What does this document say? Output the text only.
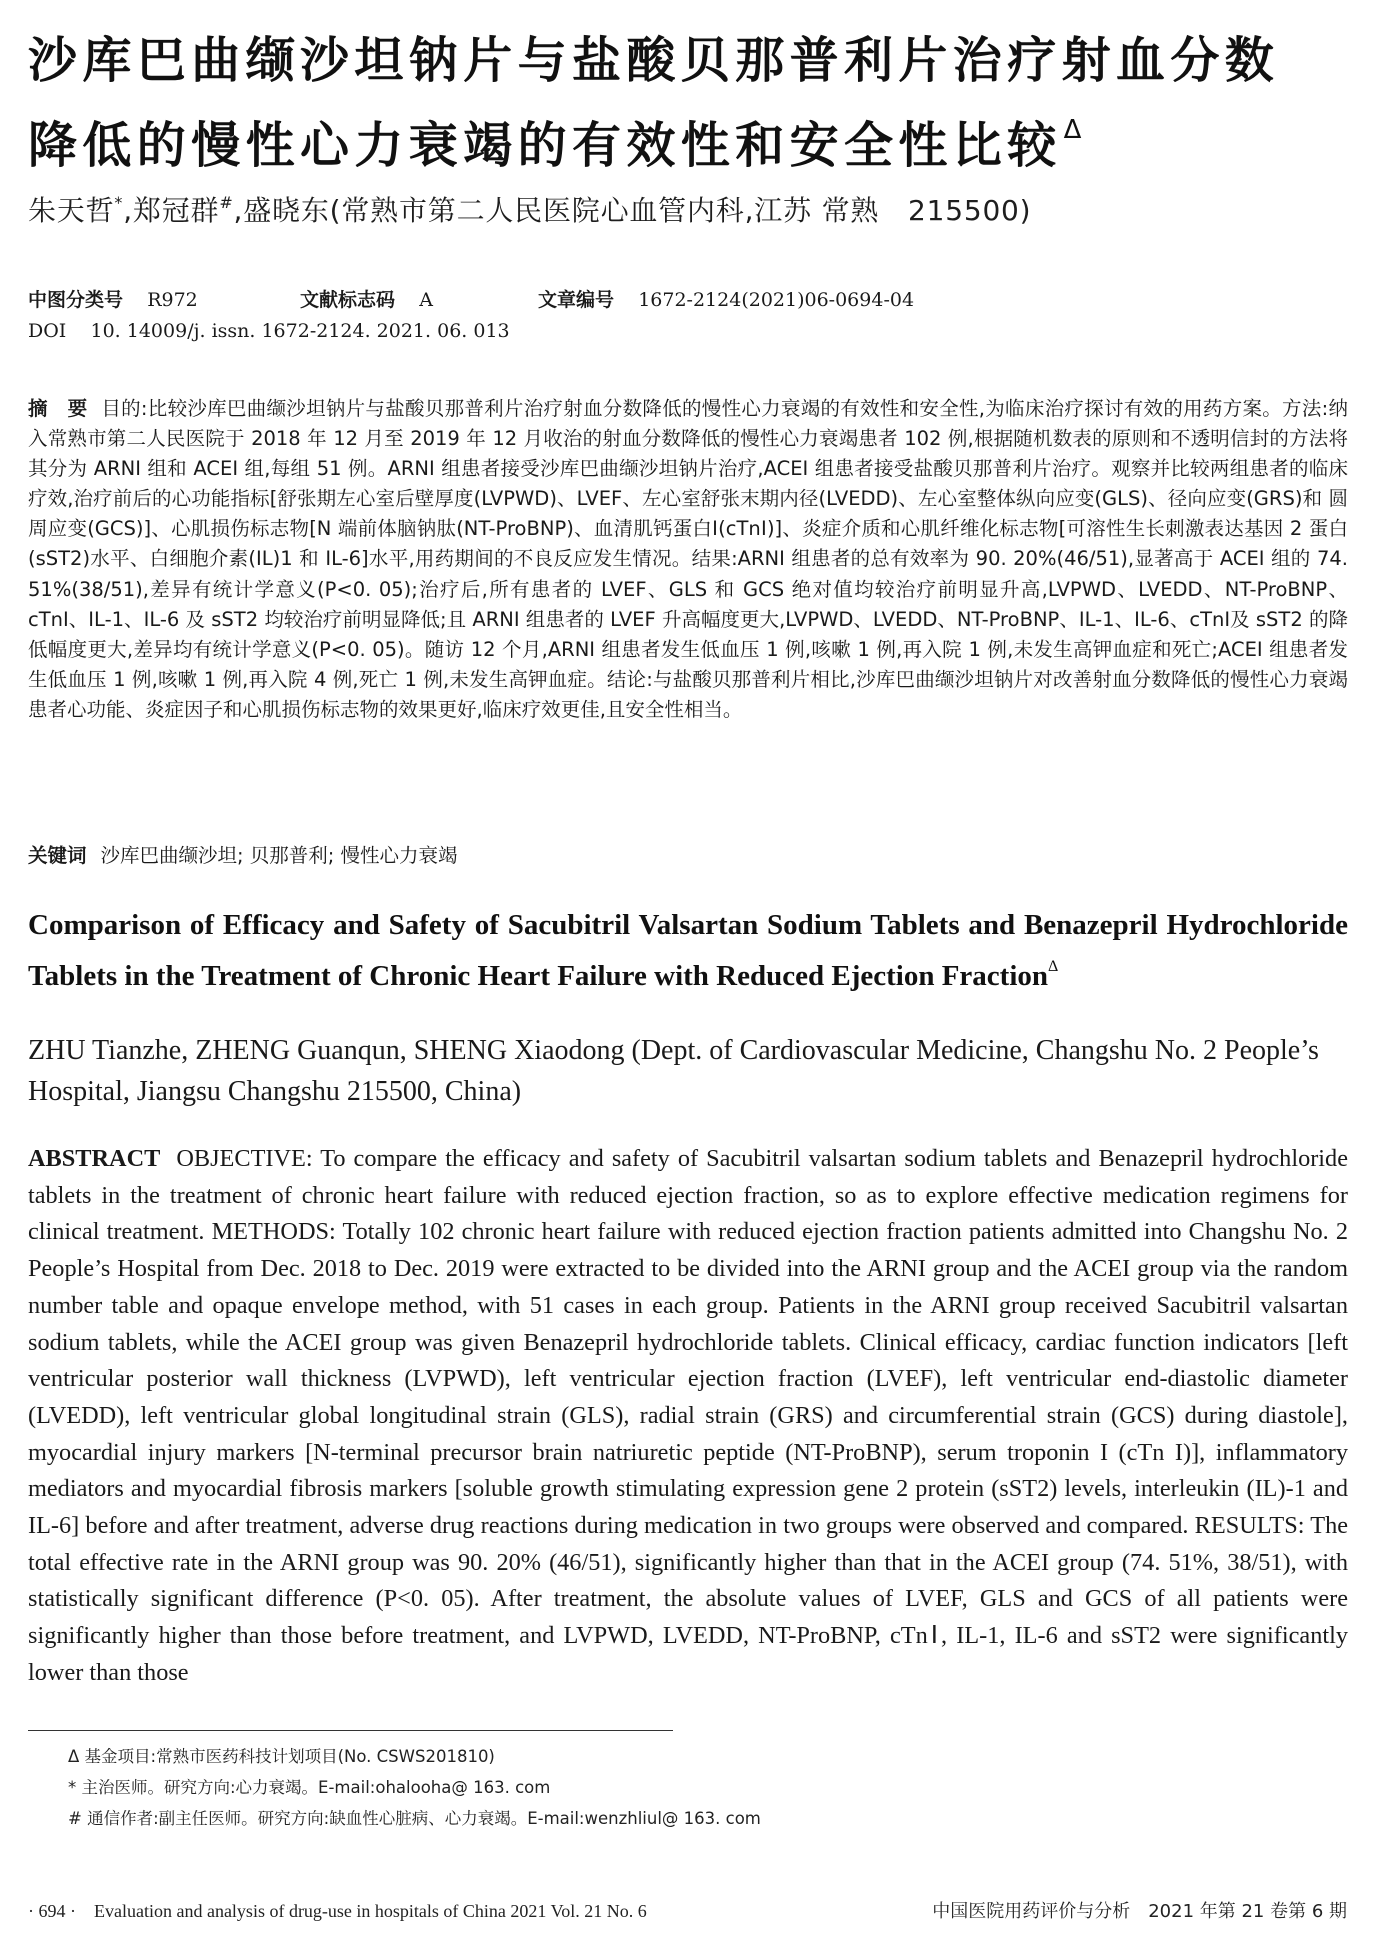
沙库巴曲缬沙坦钠片与盐酸贝那普利片治疗射血分数
降低的慢性心力衰竭的有效性和安全性比较$^\Delta$
朱天哲*,郑冠群#,盛晓东(常熟市第二人民医院心血管内科,江苏 常熟　215500)
中图分类号 R972	文献标志码 A	文章编号 1672-2124(2021)06-0694-04
DOI 10. 14009/j. issn. 1672-2124. 2021. 06. 013
摘　要 目的:比较沙库巴曲缬沙坦钠片与盐酸贝那普利片治疗射血分数降低的慢性心力衰竭的有效性和安全性,为临床治疗探讨有效的用药方案。方法:纳入常熟市第二人民医院于 2018 年 12 月至 2019 年 12 月收治的射血分数降低的慢性心力衰竭患者 102 例,根据随机数表的原则和不透明信封的方法将其分为 ARNI 组和 ACEI 组,每组 51 例。ARNI 组患者接受沙库巴曲缬沙坦钠片治疗,ACEI 组患者接受盐酸贝那普利片治疗。观察并比较两组患者的临床疗效,治疗前后的心功能指标[舒张期左心室后壁厚度(LVPWD)、LVEF、左心室舒张末期内径(LVEDD)、左心室整体纵向应变(GLS)、径向应变(GRS)和 圆周应变(GCS)]、心肌损伤标志物[N 端前体脑钠肽(NT-ProBNP)、血清肌钙蛋白Ⅰ(cTnⅠ)]、炎症介质和心肌纤维化标志物[可溶性生长刺激表达基因 2 蛋白(sST2)水平、白细胞介素(IL)1 和 IL-6]水平,用药期间的不良反应发生情况。结果:ARNI 组患者的总有效率为 90. 20%(46/51),显著高于 ACEI 组的 74. 51%(38/51),差异有统计学意义(P<0. 05);治疗后,所有患者的 LVEF、GLS 和 GCS 绝对值均较治疗前明显升高,LVPWD、LVEDD、NT-ProBNP、cTnⅠ、IL-1、IL-6 及 sST2 均较治疗前明显降低;且 ARNI 组患者的 LVEF 升高幅度更大,LVPWD、LVEDD、NT-ProBNP、IL-1、IL-6、cTnⅠ及 sST2 的降低幅度更大,差异均有统计学意义(P<0. 05)。随访 12 个月,ARNI 组患者发生低血压 1 例,咳嗽 1 例,再入院 1 例,未发生高钾血症和死亡;ACEI 组患者发生低血压 1 例,咳嗽 1 例,再入院 4 例,死亡 1 例,未发生高钾血症。结论:与盐酸贝那普利片相比,沙库巴曲缬沙坦钠片对改善射血分数降低的慢性心力衰竭患者心功能、炎症因子和心肌损伤标志物的效果更好,临床疗效更佳,且安全性相当。
关键词 沙库巴曲缬沙坦; 贝那普利; 慢性心力衰竭
Comparison of Efficacy and Safety of Sacubitril Valsartan Sodium Tablets and Benazepril Hydrochloride Tablets in the Treatment of Chronic Heart Failure with Reduced Ejection Fraction$^\Delta$
ZHU Tianzhe, ZHENG Guanqun, SHENG Xiaodong (Dept. of Cardiovascular Medicine, Changshu No. 2 People’s Hospital, Jiangsu Changshu 215500, China)
ABSTRACT OBJECTIVE: To compare the efficacy and safety of Sacubitril valsartan sodium tablets and Benazepril hydrochloride tablets in the treatment of chronic heart failure with reduced ejection fraction, so as to explore effective medication regimens for clinical treatment. METHODS: Totally 102 chronic heart failure with reduced ejection fraction patients admitted into Changshu No. 2 People’s Hospital from Dec. 2018 to Dec. 2019 were extracted to be divided into the ARNI group and the ACEI group via the random number table and opaque envelope method, with 51 cases in each group. Patients in the ARNI group received Sacubitril valsartan sodium tablets, while the ACEI group was given Benazepril hydrochloride tablets. Clinical efficacy, cardiac function indicators [left ventricular posterior wall thickness (LVPWD), left ventricular ejection fraction (LVEF), left ventricular end-diastolic diameter (LVEDD), left ventricular global longitudinal strain (GLS), radial strain (GRS) and circumferential strain (GCS) during diastole], myocardial injury markers [N-terminal precursor brain natriuretic peptide (NT-ProBNP), serum troponin I (cTn I)], inflammatory mediators and myocardial fibrosis markers [soluble growth stimulating expression gene 2 protein (sST2) levels, interleukin (IL)-1 and IL-6] before and after treatment, adverse drug reactions during medication in two groups were observed and compared. RESULTS: The total effective rate in the ARNI group was 90. 20% (46/51), significantly higher than that in the ACEI group (74. 51%, 38/51), with statistically significant difference (P<0. 05). After treatment, the absolute values of LVEF, GLS and GCS of all patients were significantly higher than those before treatment, and LVPWD, LVEDD, NT-ProBNP, cTnⅠ, IL-1, IL-6 and sST2 were significantly lower than those
Δ 基金项目:常熟市医药科技计划项目(No. CSWS201810)
* 主治医师。研究方向:心力衰竭。E-mail:ohalooha@ 163. com
# 通信作者:副主任医师。研究方向:缺血性心脏病、心力衰竭。E-mail:wenzhliul@ 163. com
· 694 ·　Evaluation and analysis of drug-use in hospitals of China 2021 Vol. 21 No. 6	中国医院用药评价与分析　2021 年第 21 卷第 6 期
